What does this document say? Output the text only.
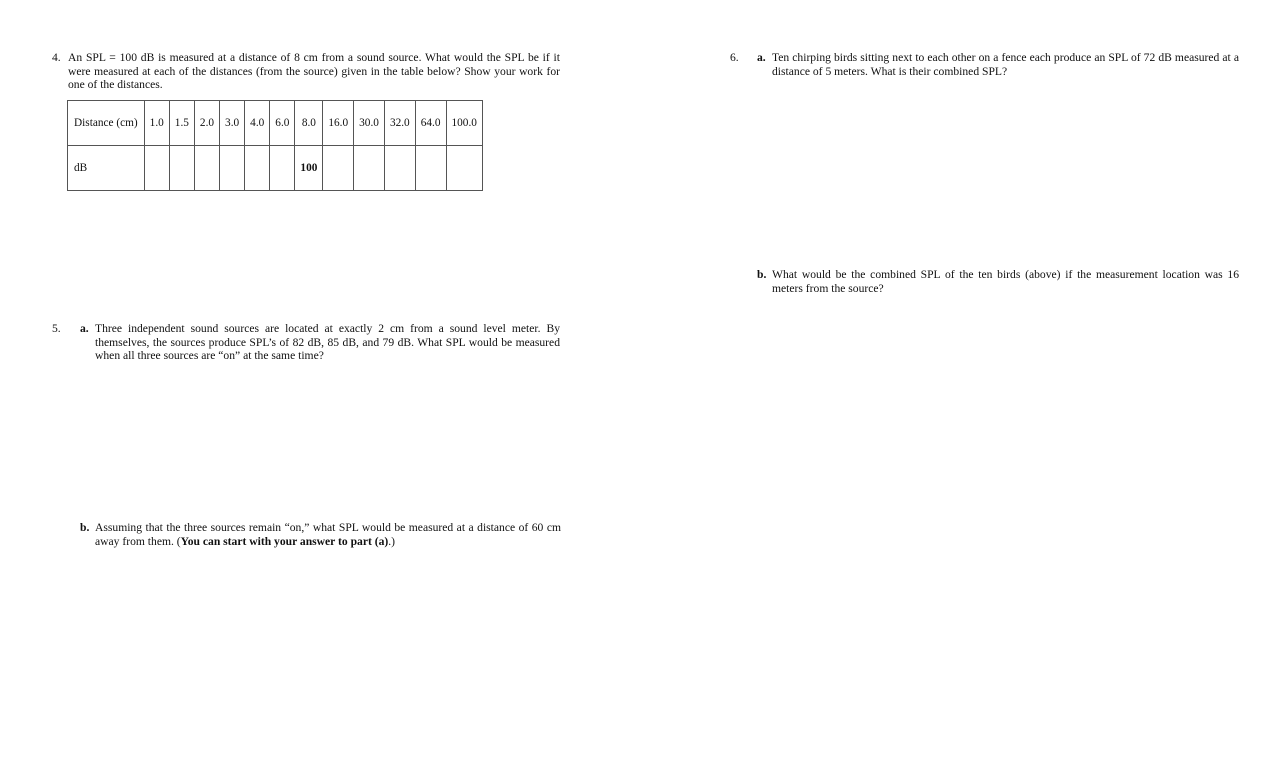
4. An SPL = 100 dB is measured at a distance of 8 cm from a sound source. What would the SPL be if it were measured at each of the distances (from the source) given in the table below? Show your work for one of the distances.
Distance (cm)	1.0	1.5	2.0	3.0	4.0	6.0	8.0	16.0	30.0	32.0	64.0	100.0
dB							100					
5. a. Three independent sound sources are located at exactly 2 cm from a sound level meter. By themselves, the sources produce SPL’s of 82 dB, 85 dB, and 79 dB. What SPL would be measured when all three sources are “on” at the same time?
b. Assuming that the three sources remain “on,” what SPL would be measured at a distance of 60 cm away from them. (You can start with your answer to part (a).)
6. a. Ten chirping birds sitting next to each other on a fence each produce an SPL of 72 dB measured at a distance of 5 meters. What is their combined SPL?
b. What would be the combined SPL of the ten birds (above) if the measurement location was 16 meters from the source?
